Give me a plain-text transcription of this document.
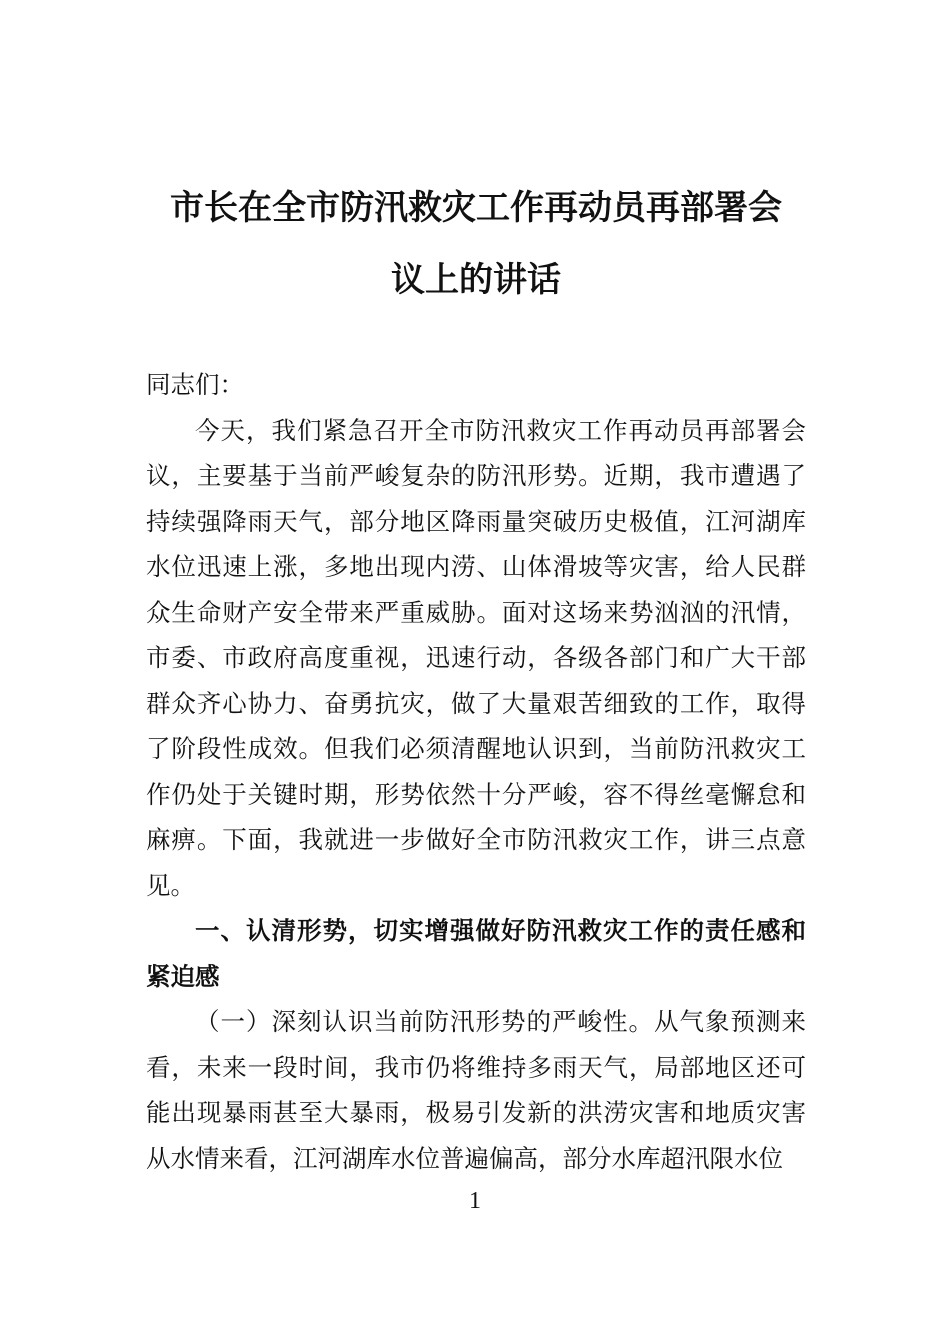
市长在全市防汛救灾工作再动员再部署会
议上的讲话

同志们：

今天，我们紧急召开全市防汛救灾工作再动员再部署会议，主要基于当前严峻复杂的防汛形势。近期，我市遭遇了持续强降雨天气，部分地区降雨量突破历史极值，江河湖库水位迅速上涨，多地出现内涝、山体滑坡等灾害，给人民群众生命财产安全带来严重威胁。面对这场来势汹汹的汛情，市委、市政府高度重视，迅速行动，各级各部门和广大干部群众齐心协力、奋勇抗灾，做了大量艰苦细致的工作，取得了阶段性成效。但我们必须清醒地认识到，当前防汛救灾工作仍处于关键时期，形势依然十分严峻，容不得丝毫懈怠和麻痹。下面，我就进一步做好全市防汛救灾工作，讲三点意见。

一、认清形势，切实增强做好防汛救灾工作的责任感和紧迫感

（一）深刻认识当前防汛形势的严峻性。从气象预测来看，未来一段时间，我市仍将维持多雨天气，局部地区还可能出现暴雨甚至大暴雨，极易引发新的洪涝灾害和地质灾害从水情来看，江河湖库水位普遍偏高，部分水库超汛限水位

1
